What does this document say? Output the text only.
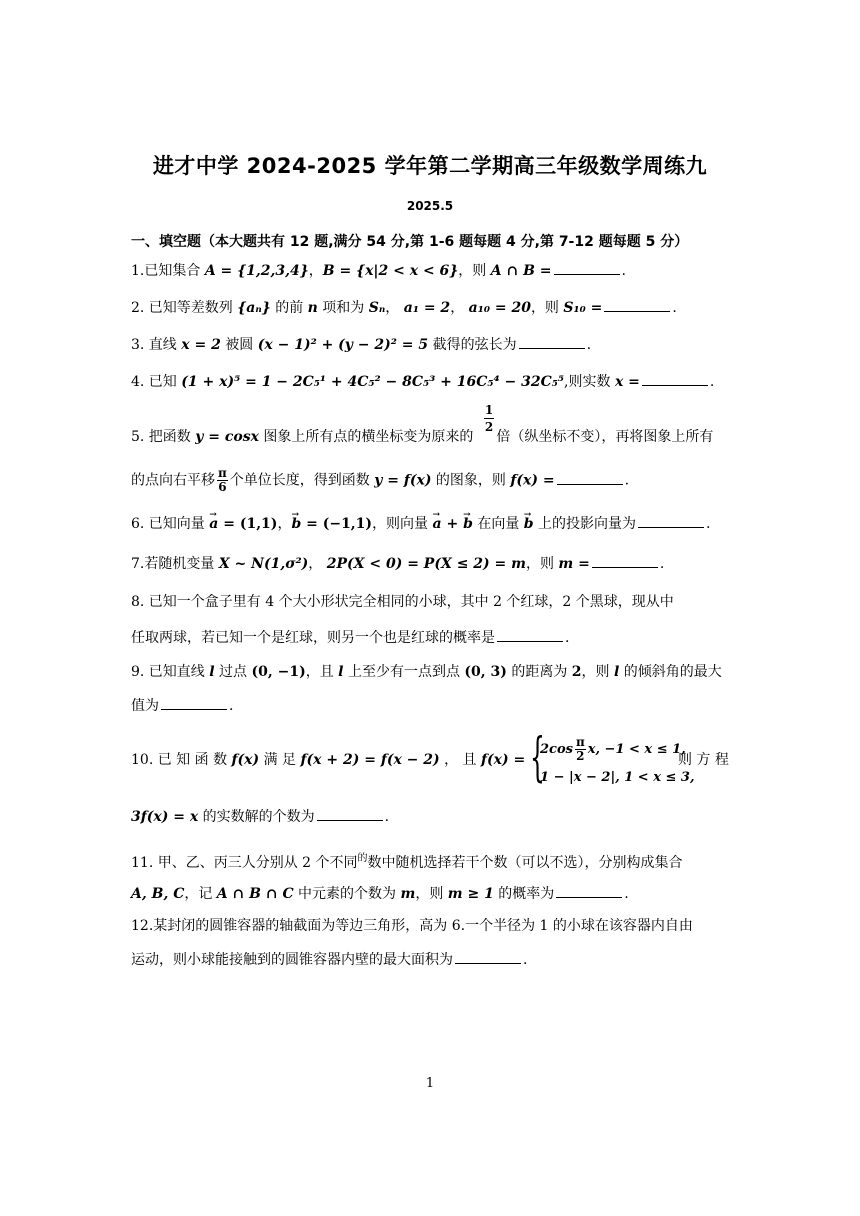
进才中学 2024-2025 学年第二学期高三年级数学周练九
2025.5
一、填空题（本大题共有 12 题,满分 54 分,第 1-6 题每题 4 分,第 7-12 题每题 5 分）
1.已知集合 A = {1,2,3,4}，B = {x|2 < x < 6}，则 A ∩ B =	.
2. 已知等差数列 {aₙ} 的前 n 项和为 Sₙ， a₁ = 2， a₁₀ = 20，则 S₁₀ =	.
3. 直线 x = 2 被圆 (x − 1)² + (y − 2)² = 5 截得的弦长为	.
4. 已知 (1 + x)⁵ = 1 − 2C₅¹ + 4C₅² − 8C₅³ + 16C₅⁴ − 32C₅⁵,则实数 x =	.
$\frac{1}{2}$
5. 把函数 y = cosx 图象上所有点的横坐标变为原来的  倍（纵坐标不变），再将图象上所有
的点向右平移 $\frac{\pi}{6}$ 个单位长度，得到函数 y = f(x) 的图象，则 f(x) =	.
6. 已知向量 → a = (1,1)，→ b = (−1,1)，则向量 → a + → b 在向量 → b 上的投影向量为	.
7.若随机变量 X ~ N(1,σ²)， 2P(X < 0) = P(X ≤ 2) = m，则 m =	.
8. 已知一个盒子里有 4 个大小形状完全相同的小球，其中 2 个红球，2 个黑球，现从中
任取两球，若已知一个是红球，则另一个也是红球的概率是	.
9. 已知直线 l 过点 (0, −1)，且 l 上至少有一点到点 (0, 3) 的距离为 2，则 l 的倾斜角的最大
值为	.
10. 已 知 函 数 f(x) 满 足 f(x + 2) = f(x − 2) ， 且 f(x) = {
$2\cos \frac{\pi}{2} x$, −1 < x ≤ 1,
1 − |x − 2|, 1 < x ≤ 3,
则 方 程
3f(x) = x 的实数解的个数为	.
11. 甲、乙、丙三人分别从 2 个不同$^的$数中随机选择若干个数（可以不选），分别构成集合
A, B, C，记 A ∩ B ∩ C 中元素的个数为 m，则 m ≥ 1 的概率为	.
12.某封闭的圆锥容器的轴截面为等边三角形，高为 6.一个半径为 1 的小球在该容器内自由
运动，则小球能接触到的圆锥容器内壁的最大面积为	.
1
